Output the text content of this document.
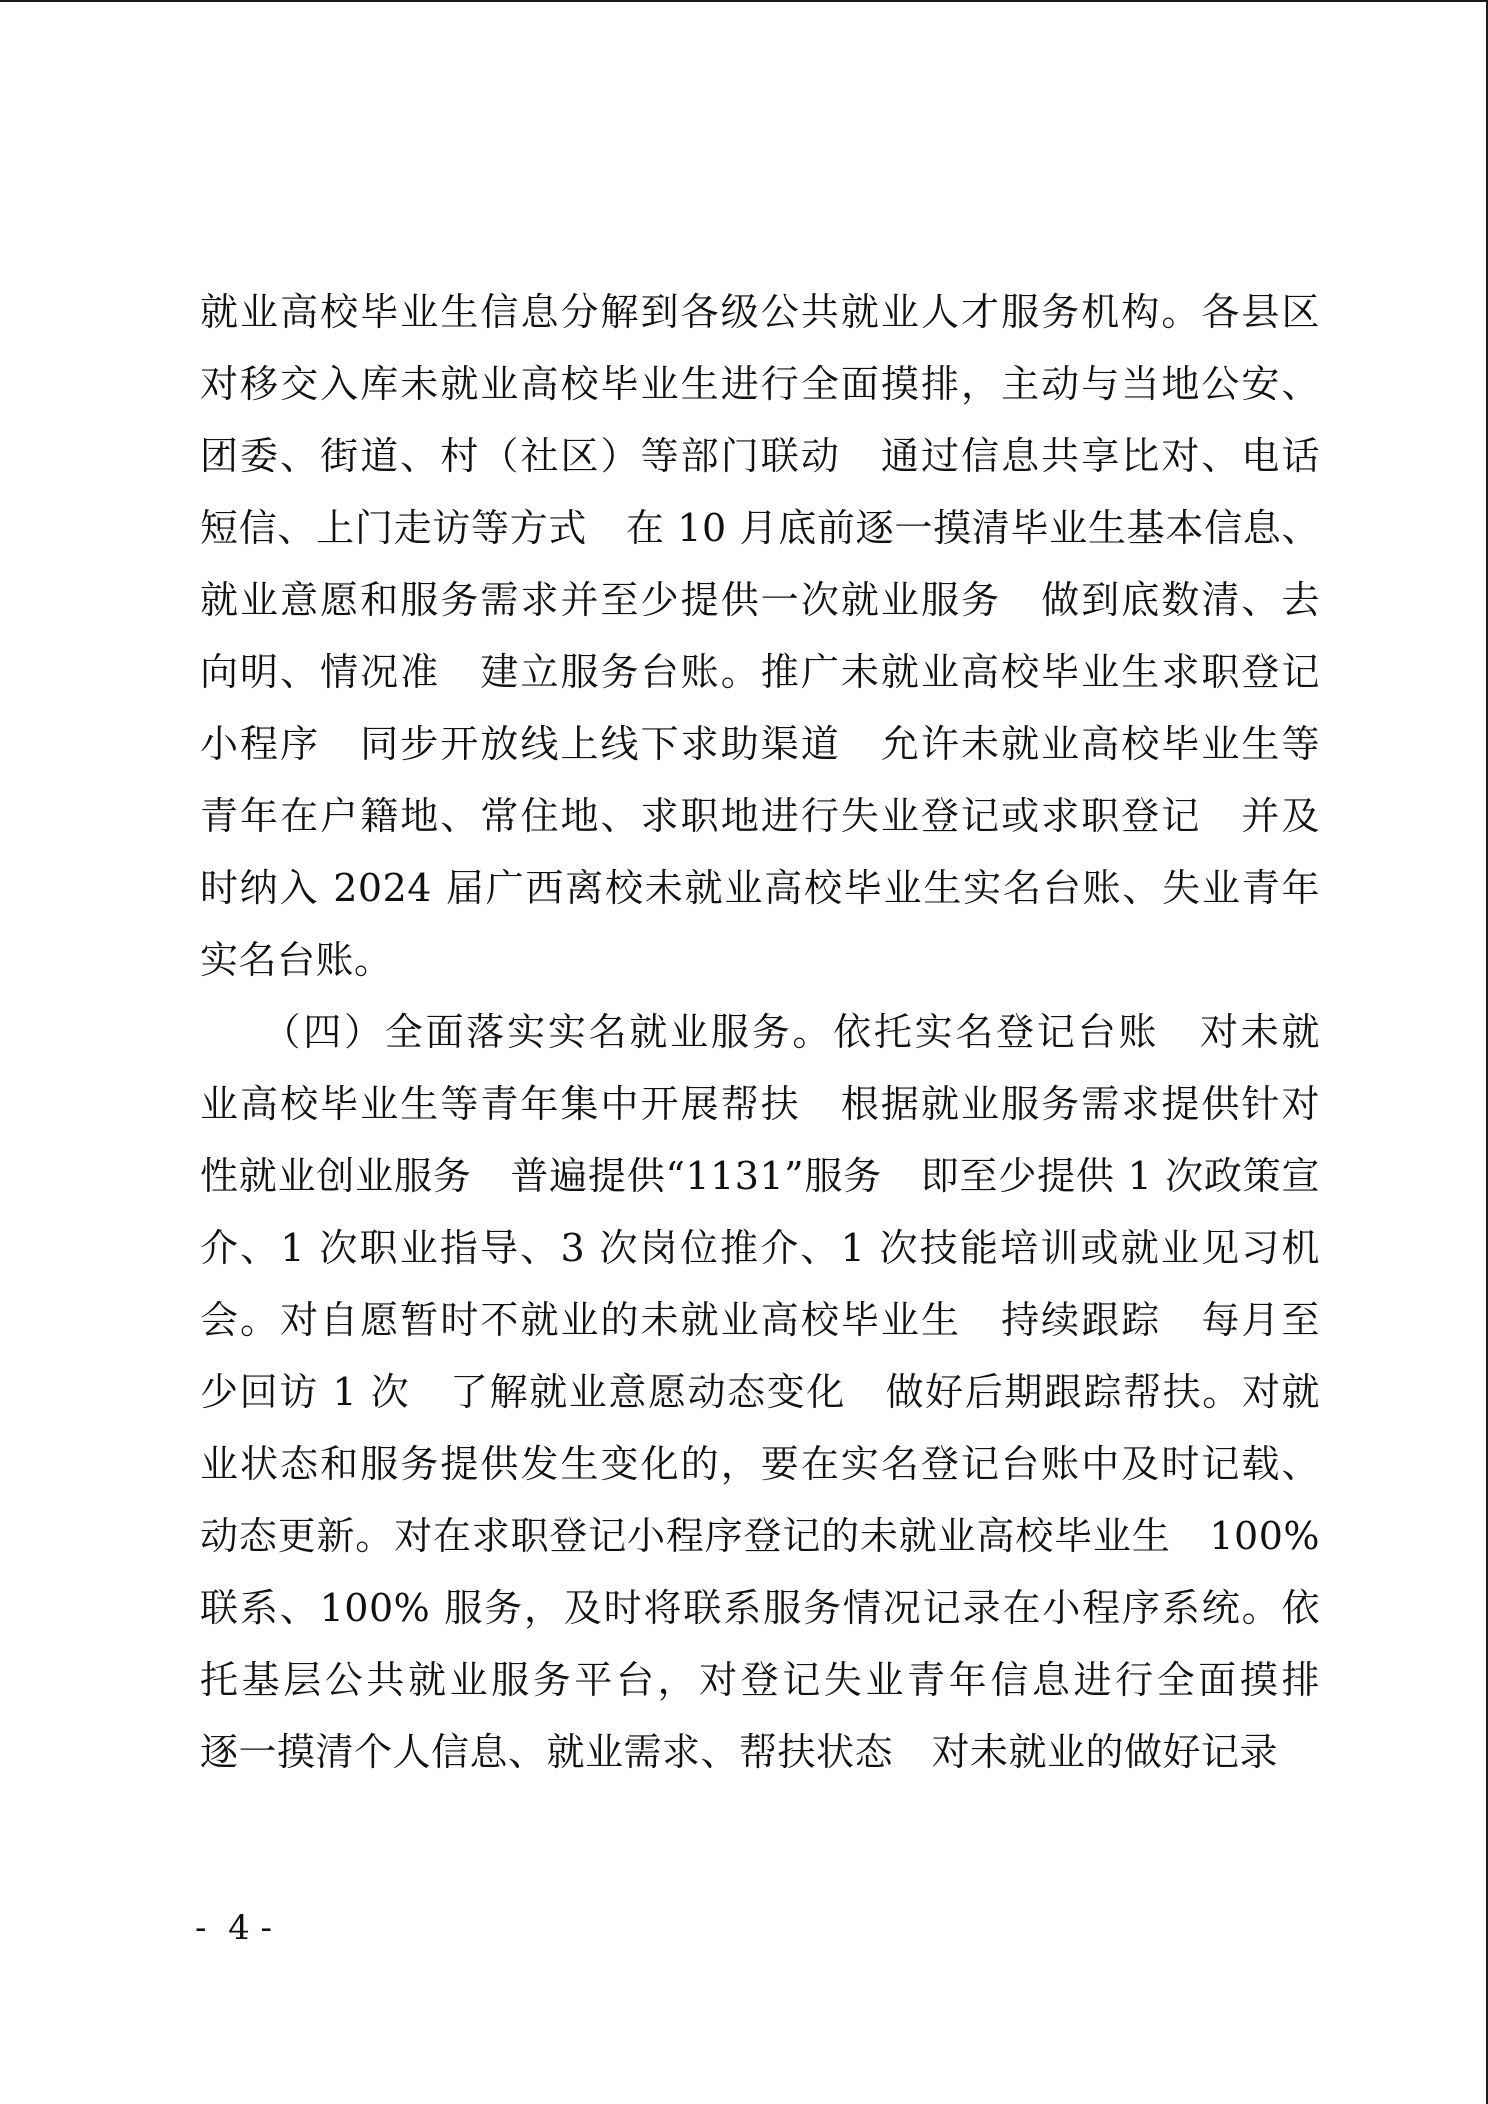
就业高校毕业生信息分解到各级公共就业人才服务机构。各县区
对移交入库未就业高校毕业生进行全面摸排，主动与当地公安、
团委、街道、村（社区）等部门联动　通过信息共享比对、电话
短信、上门走访等方式　在 10 月底前逐一摸清毕业生基本信息、
就业意愿和服务需求并至少提供一次就业服务　做到底数清、去
向明、情况准　建立服务台账。推广未就业高校毕业生求职登记
小程序　同步开放线上线下求助渠道　允许未就业高校毕业生等
青年在户籍地、常住地、求职地进行失业登记或求职登记　并及
时纳入 2024 届广西离校未就业高校毕业生实名台账、失业青年
实名台账。
　　（四）全面落实实名就业服务。依托实名登记台账　对未就
业高校毕业生等青年集中开展帮扶　根据就业服务需求提供针对
性就业创业服务　普遍提供“1131”服务　即至少提供 1 次政策宣
介、1 次职业指导、3 次岗位推介、1 次技能培训或就业见习机
会。对自愿暂时不就业的未就业高校毕业生　持续跟踪　每月至
少回访 1 次　了解就业意愿动态变化　做好后期跟踪帮扶。对就
业状态和服务提供发生变化的，要在实名登记台账中及时记载、
动态更新。对在求职登记小程序登记的未就业高校毕业生　100%
联系、100% 服务，及时将联系服务情况记录在小程序系统。依
托基层公共就业服务平台，对登记失业青年信息进行全面摸排
逐一摸清个人信息、就业需求、帮扶状态　对未就业的做好记录
-  4 -
